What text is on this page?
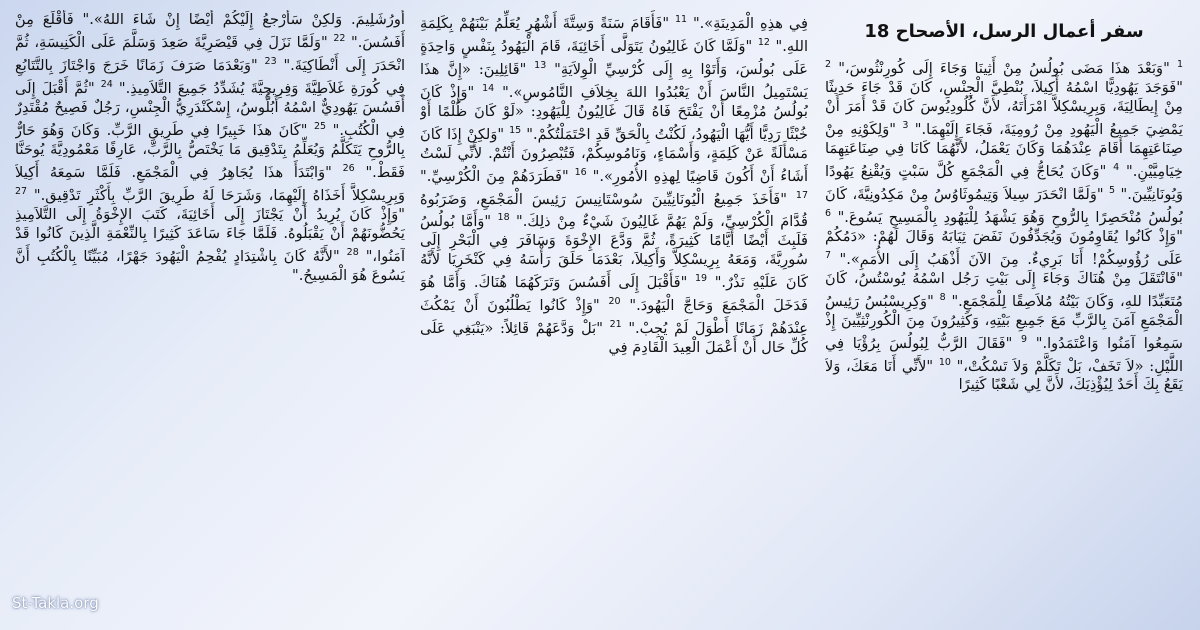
سفر أعمال الرسل، الأصحاح 18
$^1$ "وَبَعْدَ هذَا مَضَى بُولُسُ مِنْ أَثِينَا وَجَاءَ إِلَى كُورِنْثُوسَ،" $^2$ "فَوَجَدَ يَهُودِيًّا اسْمُهُ أَكِيلاَ، بُنْطِيَّ الْجِنْسِ، كَانَ قَدْ جَاءَ حَدِيثًا مِنْ إِيطَالِيَةَ، وَبِرِيسْكِلاَّ امْرَأَتَهُ، لأَنَّ كُلُودِيُوسَ كَانَ قَدْ أَمَرَ أَنْ يَمْضِيَ جَمِيعُ الْيَهُودِ مِنْ رُومِيَةَ، فَجَاءَ إِلَيْهِمَا." $^3$ "وَلِكَوْنِهِ مِنْ صِنَاعَتِهِمَا أَقَامَ عِنْدَهُمَا وَكَانَ يَعْمَلُ، لأَنَّهُمَا كَانَا فِي صِنَاعَتِهِمَا خِيَامِيَّيْنِ." $^4$ "وَكَانَ يُحَاجُّ فِي الْمَجْمَعِ كُلَّ سَبْتٍ وَيُقْنِعُ يَهُودًا وَيُونَانِيِّينَ." $^5$ "وَلَمَّا انْحَدَرَ سِيلاَ وَتِيمُوثَاوُسُ مِنْ مَكِدُونِيَّةَ، كَانَ بُولُسُ مُنْحَصِرًا بِالرُّوحِ وَهُوَ يَشْهَدُ لِلْيَهُودِ بِالْمَسِيحِ يَسُوعَ." $^6$ "وَإِذْ كَانُوا يُقَاوِمُونَ وَيُجَدِّفُونَ نَفَضَ ثِيَابَهُ وَقَالَ لَهُمْ: «دَمُكُمْ عَلَى رُؤُوسِكُمْ! أَنَا بَرِيءٌ. مِنَ الآنَ أَذْهَبُ إِلَى الأُمَمِ»." $^7$ "فَانْتَقَلَ مِنْ هُنَاكَ وَجَاءَ إِلَى بَيْتِ رَجُل اسْمُهُ يُوسْتُسُ، كَانَ مُتَعَبِّدًا للهِ، وَكَانَ بَيْتُهُ مُلاَصِقًا لِلْمَجْمَعِ." $^8$ "وَكِرِيسْبُسُ رَئِيسُ الْمَجْمَعِ آمَنَ بِالرَّبِّ مَعَ جَمِيعِ بَيْتِهِ، وَكَثِيرُونَ مِنَ الْكُورِنْثِيِّينَ إِذْ سَمِعُوا آمَنُوا وَاعْتَمَدُوا." $^9$ "فَقَالَ الرَّبُّ لِبُولُسَ بِرُؤْيَا فِي اللَّيْلِ: «لاَ تَخَفْ، بَلْ تَكَلَّمْ وَلاَ تَسْكُتْ،" $^{10}$ "لأَنِّي أَنَا مَعَكَ، وَلاَ يَقَعُ بِكَ أَحَدٌ لِيُؤْذِيَكَ، لأَنَّ لِي شَعْبًا كَثِيرًا
فِي هذِهِ الْمَدِينَةِ»." $^{11}$ "فَأَقَامَ سَنَةً وَسِتَّةَ أَشْهُرٍ يُعَلِّمُ بَيْنَهُمْ بِكَلِمَةِ اللهِ." $^{12}$ "وَلَمَّا كَانَ غَالِيُونُ يَتَوَلَّى أَخَائِيَةَ، قَامَ الْيَهُودُ بِنَفْسٍ وَاحِدَةٍ عَلَى بُولُسَ، وَأَتَوْا بِهِ إِلَى كُرْسِيِّ الْوِلاَيَةِ" $^{13}$ "قَائِلِينَ: «إِنَّ هذَا يَسْتَمِيلُ النَّاسَ أَنْ يَعْبُدُوا اللهَ بِخِلاَفِ النَّامُوسِ»." $^{14}$ "وَإِذْ كَانَ بُولُسُ مُزْمِعًا أَنْ يَفْتَحَ فَاهُ قَالَ غَالِيُونُ لِلْيَهُودِ: «لَوْ كَانَ ظُلْمًا أَوْ خُبْثًا رَدِيًّا أَيُّهَا الْيَهُودُ، لَكُنْتُ بِالْحَقِّ قَدِ احْتَمَلْتُكُمْ." $^{15}$ "وَلكِنْ إِذَا كَانَ مَسْأَلَةً عَنْ كَلِمَةٍ، وَأَسْمَاءٍ، وَنَامُوسِكُمْ، فَتُبْصِرُونَ أَنْتُمْ. لأَنِّي لَسْتُ أَشَاءُ أَنْ أَكُونَ قَاضِيًا لِهذِهِ الأُمُورِ»." $^{16}$ "فَطَرَدَهُمْ مِنَ الْكُرْسِيِّ." $^{17}$ "فَأَخَذَ جَمِيعُ الْيُونَانِيِّينَ سُوسْتَانِيسَ رَئِيسَ الْمَجْمَعِ، وَضَرَبُوهُ قُدَّامَ الْكُرْسِيِّ، وَلَمْ يَهُمَّ غَالِيُونَ شَيْءٌ مِنْ ذلِكَ." $^{18}$ "وَأَمَّا بُولُسُ فَلَبِثَ أَيْضًا أَيَّامًا كَثِيرَةً، ثُمَّ وَدَّعَ الإِخْوَةَ وَسَافَرَ فِي الْبَحْرِ إِلَى سُورِيَّةَ، وَمَعَهُ بِرِيسْكِلاَّ وَأَكِيلاَ، بَعْدَمَا حَلَقَ رَأْسَهُ فِي كَنْخَرِيَا لأَنَّهُ كَانَ عَلَيْهِ نَذْرٌ." $^{19}$ "فَأَقْبَلَ إِلَى أَفَسُسَ وَتَرَكَهُمَا هُنَاكَ. وَأَمَّا هُوَ فَدَخَلَ الْمَجْمَعَ وَحَاجَّ الْيَهُودَ." $^{20}$ "وَإِذْ كَانُوا يَطْلُبُونَ أَنْ يَمْكُثَ عِنْدَهُمْ زَمَانًا أَطْوَلَ لَمْ يُجِبْ." $^{21}$ "بَلْ وَدَّعَهُمْ قَائِلاً: «يَنْبَغِي عَلَى كُلِّ حَال أَنْ أَعْمَلَ الْعِيدَ الْقَادِمَ فِي
أُورُشَلِيمَ. وَلكِنْ سَأَرْجعُ إِلَيْكُمْ أَيْضًا إِنْ شَاءَ اللهُ»." فَأَقْلَعَ مِنْ أَفَسُسَ." $^{22}$ "وَلَمَّا نَزَلَ فِي قَيْصَرِيَّةَ صَعِدَ وَسَلَّمَ عَلَى الْكَنِيسَةِ، ثُمَّ انْحَدَرَ إِلَى أَنْطَاكِيَةَ." $^{23}$ "وَبَعْدَمَا صَرَفَ زَمَانًا خَرَجَ وَاجْتَازَ بِالتَّتَابُعِ فِي كُورَةِ غَلاَطِيَّةَ وَفِرِيجِيَّةَ يُشَدِّدُ جَمِيعَ التَّلاَمِيذِ." $^{24}$ "ثُمَّ أَقْبَلَ إِلَى أَفَسُسَ يَهُودِيٌّ اسْمُهُ أَبُلُّوسُ، إِسْكَنْدَرِيُّ الْجِنْسِ، رَجُلٌ فَصِيحٌ مُقْتَدِرٌ فِي الْكُتُبِ." $^{25}$ "كَانَ هذَا خَبِيرًا فِي طَرِيقِ الرَّبِّ. وَكَانَ وَهُوَ حَارٌّ بِالرُّوحِ يَتَكَلَّمُ وَيُعَلِّمُ بِتَدْقِيق مَا يَخْتَصُّ بِالرَّبِّ، عَارِفًا مَعْمُودِيَّةَ يُوحَنَّا فَقَطْ." $^{26}$ "وَابْتَدَأَ هذَا يُجَاهِرُ فِي الْمَجْمَعِ. فَلَمَّا سَمِعَهُ أَكِيلاَ وَبِرِيسْكِلاَّ أَخَذَاهُ إِلَيْهِمَا، وَشَرَحَا لَهُ طَرِيقَ الرَّبِّ بِأَكْثَرِ تَدْقِيق." $^{27}$ "وَإِذْ كَانَ يُرِيدُ أَنْ يَجْتَازَ إِلَى أَخَائِيَةَ، كَتَبَ الإِخْوَةُ إِلَى التَّلاَمِيذِ يَحُضُّونَهُمْ أَنْ يَقْبَلُوهُ. فَلَمَّا جَاءَ سَاعَدَ كَثِيرًا بِالنِّعْمَةِ الَّذِينَ كَانُوا قَدْ آمَنُوا،" $^{28}$ "لأَنَّهُ كَانَ بِاشْتِدَادٍ يُفْحِمُ الْيَهُودَ جَهْرًا، مُبَيِّنًا بِالْكُتُبِ أَنَّ يَسُوعَ هُوَ الْمَسِيحُ."
St-Takla.org
